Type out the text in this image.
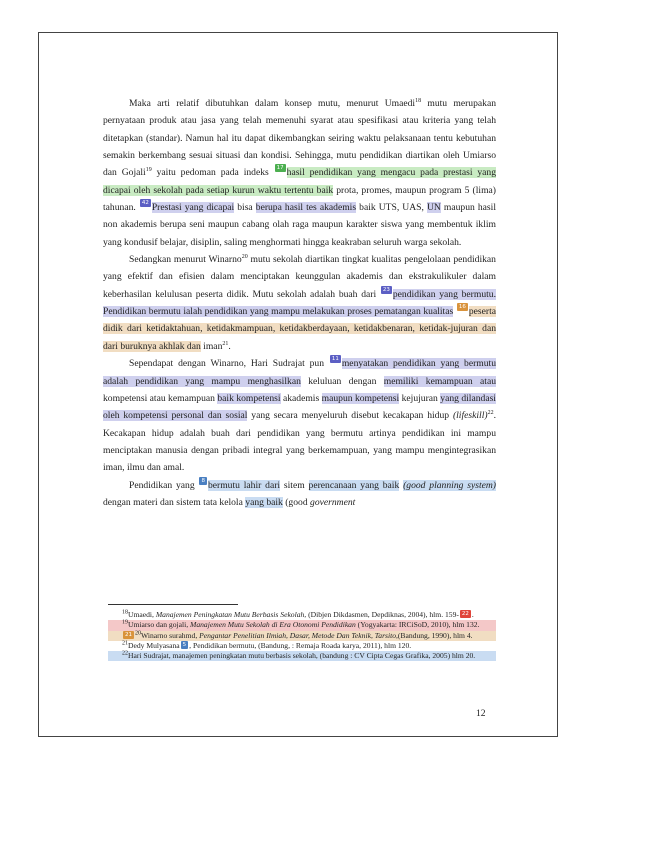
Maka arti relatif dibutuhkan dalam konsep mutu, menurut Umaedi$^{18}$ mutu merupakan pernyataan produk atau jasa yang telah memenuhi syarat atau spesifikasi atau kriteria yang telah ditetapkan (standar). Namun hal itu dapat dikembangkan seiring waktu pelaksanaan tentu kebutuhan semakin berkembang sesuai situasi dan kondisi. Sehingga, mutu pendidikan diartikan oleh Umiarso dan Gojali$^{19}$ yaitu pedoman pada indeks 17 hasil pendidikan yang mengacu pada prestasi yang dicapai oleh sekolah pada setiap kurun waktu tertentu baik prota, promes, maupun program 5 (lima) tahunan. 42 Prestasi yang dicapai bisa berupa hasil tes akademis baik UTS, UAS, UN maupun hasil non akademis berupa seni maupun cabang olah raga maupun karakter siswa yang membentuk iklim yang kondusif belajar, disiplin, saling menghormati hingga keakraban seluruh warga sekolah.

Sedangkan menurut Winarno$^{20}$ mutu sekolah diartikan tingkat kualitas pengelolaan pendidikan yang efektif dan efisien dalam menciptakan keunggulan akademis dan ekstrakulikuler dalam keberhasilan kelulusan peserta didik. Mutu sekolah adalah buah dari 23 pendidikan yang bermutu. Pendidikan bermutu ialah pendidikan yang mampu melakukan proses pematangan kualitas 16 peserta didik dari ketidaktahuan, ketidakmampuan, ketidakberdayaan, ketidakbenaran, ketidak-jujuran dan dari buruknya akhlak dan iman$^{21}$.

Sependapat dengan Winarno, Hari Sudrajat pun 11 menyatakan pendidikan yang bermutu adalah pendidikan yang mampu menghasilkan keluluan dengan memiliki kemampuan atau kompetensi atau kemampuan baik kompetensi akademis maupun kompetensi kejujuran yang dilandasi oleh kompetensi personal dan sosial yang secara menyeluruh disebut kecakapan hidup (lifeskill)$^{22}$. Kecakapan hidup adalah buah dari pendidikan yang bermutu artinya pendidikan ini mampu menciptakan manusia dengan pribadi integral yang berkemampuan, yang mampu mengintegrasikan iman, ilmu dan amal.

Pendidikan yang 8 bermutu lahir dari sitem perencanaan yang baik (good planning system) dengan materi dan sistem tata kelola yang baik (good government

$^{18}$Umaedi, Manajemen Peningkatan Mutu Berbasis Sekolah, (Dibjen Dikdasmen, Depdiknas, 2004), hlm. 159- 22 .

$^{19}$Umiarso dan gojali, Manajemen Mutu Sekolah di Era Otonomi Pendidikan (Yogyakarta: IRCiSoD, 2010), hlm 132.

21 $^{20}$Winarno surahmd, Pengantar Penelitian Ilmiah, Dasar, Metode Dan Teknik, Tarsito,(Bandung, 1990), hlm 4.

$^{21}$Dedy Mulyasana 5 , Pendidikan bermutu, (Bandung, : Remaja Roada karya, 2011), hlm 120.

$^{22}$Hari Sudrajat, manajemen peningkatan mutu berbasis sekolah, (bandung : CV Cipta Cegas Grafika, 2005) hlm 20.

12
